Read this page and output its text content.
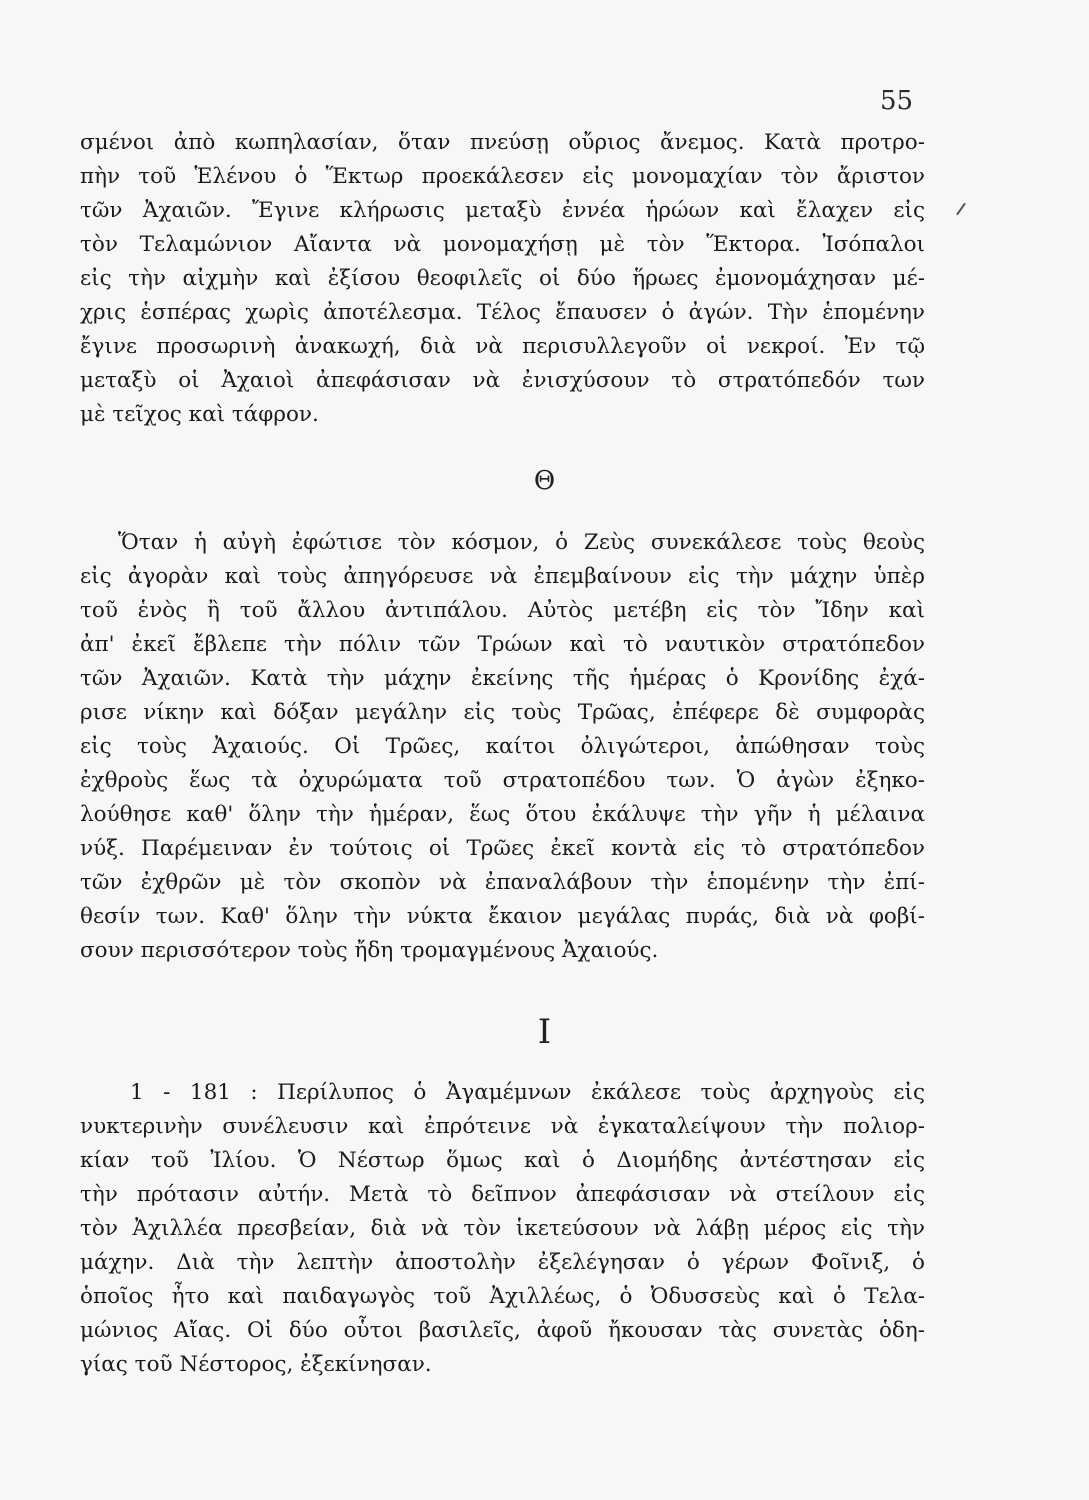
55
σμένοι ἀπὸ κωπηλασίαν, ὅταν πνεύσῃ οὔριος ἄνεμος. Κατὰ προτρο-
πὴν τοῦ Ἑλένου ὁ Ἕκτωρ προεκάλεσεν εἰς μονομαχίαν τὸν ἄριστον
τῶν Ἀχαιῶν. Ἔγινε κλήρωσις μεταξὺ ἐννέα ἡρώων καὶ ἔλαχεν εἰς
τὸν Τελαμώνιον Αἴαντα νὰ μονομαχήσῃ μὲ τὸν Ἕκτορα. Ἰσόπαλοι
εἰς τὴν αἰχμὴν καὶ ἐξίσου θεοφιλεῖς οἱ δύο ἥρωες ἐμονομάχησαν μέ-
χρις ἑσπέρας χωρὶς ἀποτέλεσμα. Τέλος ἔπαυσεν ὁ ἀγών. Τὴν ἑπομένην
ἔγινε προσωρινὴ ἀνακωχή, διὰ νὰ περισυλλεγοῦν οἱ νεκροί. Ἐν τῷ
μεταξὺ οἱ Ἀχαιοὶ ἀπεφάσισαν νὰ ἐνισχύσουν τὸ στρατόπεδόν των
μὲ τεῖχος καὶ τάφρον.
Θ
Ὅταν ἡ αὐγὴ ἐφώτισε τὸν κόσμον, ὁ Ζεὺς συνεκάλεσε τοὺς θεοὺς
εἰς ἀγορὰν καὶ τοὺς ἀπηγόρευσε νὰ ἐπεμβαίνουν εἰς τὴν μάχην ὑπὲρ
τοῦ ἑνὸς ἢ τοῦ ἄλλου ἀντιπάλου. Αὐτὸς μετέβη εἰς τὸν Ἴδην καὶ
ἀπ' ἐκεῖ ἔβλεπε τὴν πόλιν τῶν Τρώων καὶ τὸ ναυτικὸν στρατόπεδον
τῶν Ἀχαιῶν. Κατὰ τὴν μάχην ἐκείνης τῆς ἡμέρας ὁ Κρονίδης ἐχά-
ρισε νίκην καὶ δόξαν μεγάλην εἰς τοὺς Τρῶας, ἐπέφερε δὲ συμφορὰς
εἰς τοὺς Ἀχαιούς. Οἱ Τρῶες, καίτοι ὀλιγώτεροι, ἀπώθησαν τοὺς
ἐχθροὺς ἕως τὰ ὀχυρώματα τοῦ στρατοπέδου των. Ὁ ἀγὼν ἐξηκο-
λούθησε καθ' ὅλην τὴν ἡμέραν, ἕως ὅτου ἐκάλυψε τὴν γῆν ἡ μέλαινα
νύξ. Παρέμειναν ἐν τούτοις οἱ Τρῶες ἐκεῖ κοντὰ εἰς τὸ στρατόπεδον
τῶν ἐχθρῶν μὲ τὸν σκοπὸν νὰ ἐπαναλάβουν τὴν ἑπομένην τὴν ἐπί-
θεσίν των. Καθ' ὅλην τὴν νύκτα ἔκαιον μεγάλας πυράς, διὰ νὰ φοβί-
σουν περισσότερον τοὺς ἤδη τρομαγμένους Ἀχαιούς.
Ι
1 - 181 : Περίλυπος ὁ Ἀγαμέμνων ἐκάλεσε τοὺς ἀρχηγοὺς εἰς
νυκτερινὴν συνέλευσιν καὶ ἐπρότεινε νὰ ἐγκαταλείψουν τὴν πολιορ-
κίαν τοῦ Ἰλίου. Ὁ Νέστωρ ὅμως καὶ ὁ Διομήδης ἀντέστησαν εἰς
τὴν πρότασιν αὐτήν. Μετὰ τὸ δεῖπνον ἀπεφάσισαν νὰ στείλουν εἰς
τὸν Ἀχιλλέα πρεσβείαν, διὰ νὰ τὸν ἱκετεύσουν νὰ λάβῃ μέρος εἰς τὴν
μάχην. Διὰ τὴν λεπτὴν ἀποστολὴν ἐξελέγησαν ὁ γέρων Φοῖνιξ, ὁ
ὁποῖος ἦτο καὶ παιδαγωγὸς τοῦ Ἀχιλλέως, ὁ Ὀδυσσεὺς καὶ ὁ Τελα-
μώνιος Αἴας. Οἱ δύο οὗτοι βασιλεῖς, ἀφοῦ ἤκουσαν τὰς συνετὰς ὁδη-
γίας τοῦ Νέστορος, ἐξεκίνησαν.
